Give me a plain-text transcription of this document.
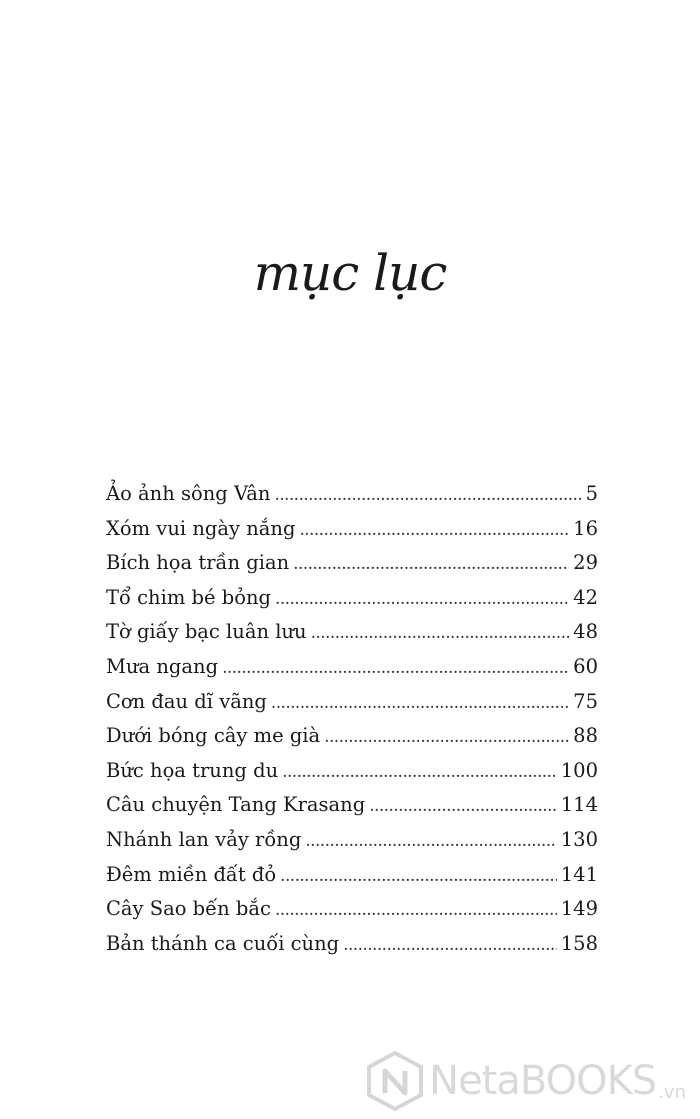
mục lục
Ảo ảnh sông Vân . . .	5
Xóm vui ngày nắng . . .	16
Bích họa trần gian . . .	29
Tổ chim bé bỏng . . .	42
Tờ giấy bạc luân lưu . . .	48
Mưa ngang . . .	60
Cơn đau dĩ vãng . . .	75
Dưới bóng cây me già . . .	88
Bức họa trung du . . .	100
Câu chuyện Tang Krasang . . .	114
Nhánh lan vảy rồng . . .	130
Đêm miền đất đỏ . . .	141
Cây Sao bến bắc . . .	149
Bản thánh ca cuối cùng . . .	158
NetaBOOKS .vn
